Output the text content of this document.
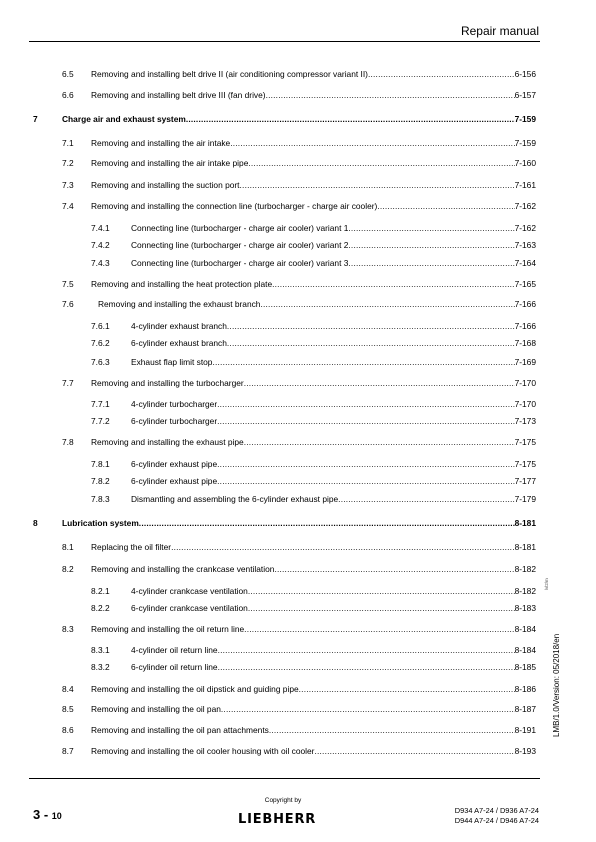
Repair manual
6.5 Removing and installing belt drive II (air conditioning compressor variant II) .....	6-156
6.6 Removing and installing belt drive III (fan drive) .....	6-157
7	Charge air and exhaust system .....	7-159
7.1 Removing and installing the air intake .....	7-159
7.2 Removing and installing the air intake pipe .....	7-160
7.3 Removing and installing the suction port .....	7-161
7.4 Removing and installing the connection line (turbocharger - charge air cooler) .....	7-162
7.4.1	Connecting line (turbocharger - charge air cooler) variant 1 .....	7-162
7.4.2	Connecting line (turbocharger - charge air cooler) variant 2 .....	7-163
7.4.3	Connecting line (turbocharger - charge air cooler) variant 3 .....	7-164
7.5 Removing and installing the heat protection plate .....	7-165
7.6 Removing and installing the exhaust branch .....	7-166
7.6.1	4-cylinder exhaust branch .....	7-166
7.6.2	6-cylinder exhaust branch .....	7-168
7.6.3	Exhaust flap limit stop .....	7-169
7.7 Removing and installing the turbocharger .....	7-170
7.7.1	4-cylinder turbocharger .....	7-170
7.7.2	6-cylinder turbocharger .....	7-173
7.8 Removing and installing the exhaust pipe .....	7-175
7.8.1	6-cylinder exhaust pipe .....	7-175
7.8.2	6-cylinder exhaust pipe .....	7-177
7.8.3	Dismantling and assembling the 6-cylinder exhaust pipe .....	7-179
8	Lubrication system .....	8-181
8.1 Replacing the oil filter .....	8-181
8.2 Removing and installing the crankcase ventilation .....	8-182
8.2.1	4-cylinder crankcase ventilation .....	8-182
8.2.2	6-cylinder crankcase ventilation .....	8-183
8.3 Removing and installing the oil return line .....	8-184
8.3.1	4-cylinder oil return line .....	8-184
8.3.2	6-cylinder oil return line .....	8-185
8.4 Removing and installing the oil dipstick and guiding pipe .....	8-186
8.5 Removing and installing the oil pan .....	8-187
8.6 Removing and installing the oil pan attachments .....	8-191
8.7 Removing and installing the oil cooler housing with oil cooler .....	8-193
lvl2/m
LMB/1.0/Version: 05/2018/en
3 - 10
Copyright by
LIEBHERR
D934 A7-24 / D936 A7-24
D944 A7-24 / D946 A7-24
